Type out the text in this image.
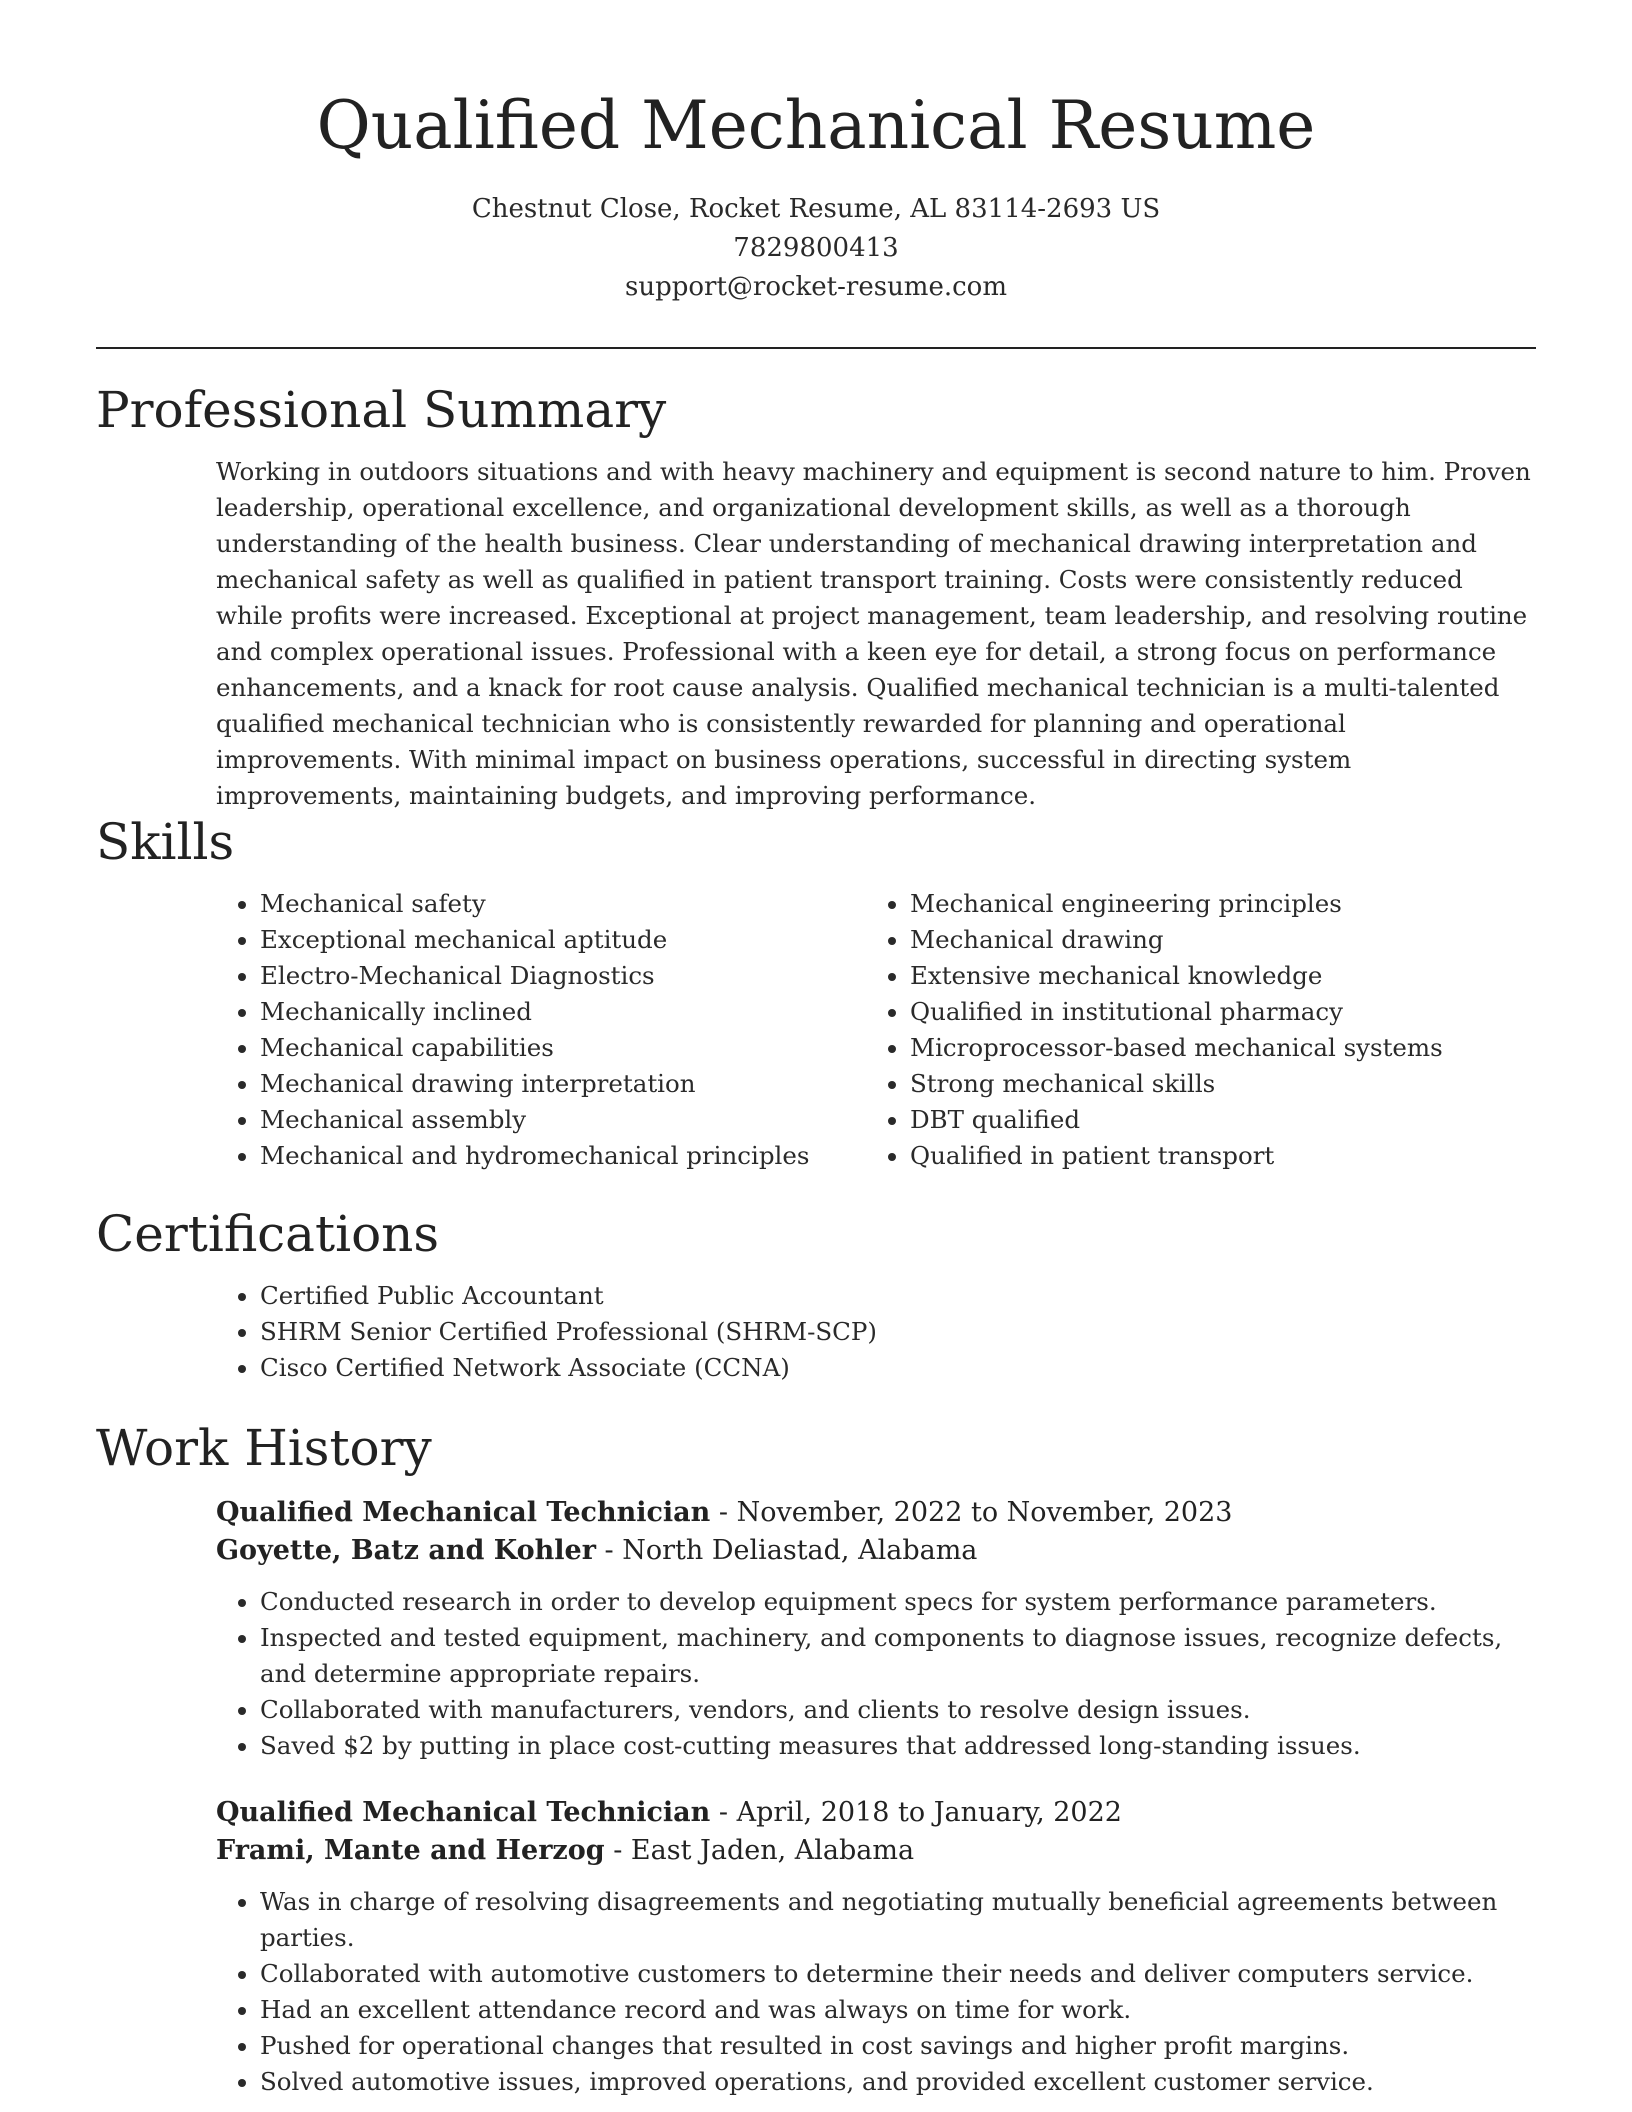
Qualified Mechanical Resume
Chestnut Close, Rocket Resume, AL 83114-2693 US
7829800413
support@rocket-resume.com
Professional Summary

Working in outdoors situations and with heavy machinery and equipment is second nature to him. Proven leadership, operational excellence, and organizational development skills, as well as a thorough understanding of the health business. Clear understanding of mechanical drawing interpretation and mechanical safety as well as qualified in patient transport training. Costs were consistently reduced while profits were increased. Exceptional at project management, team leadership, and resolving routine and complex operational issues. Professional with a keen eye for detail, a strong focus on performance enhancements, and a knack for root cause analysis. Qualified mechanical technician is a multi-talented qualified mechanical technician who is consistently rewarded for planning and operational improvements. With minimal impact on business operations, successful in directing system improvements, maintaining budgets, and improving performance.

Skills
• Mechanical safety
• Exceptional mechanical aptitude
• Electro-Mechanical Diagnostics
• Mechanically inclined
• Mechanical capabilities
• Mechanical drawing interpretation
• Mechanical assembly
• Mechanical and hydromechanical principles
• Mechanical engineering principles
• Mechanical drawing
• Extensive mechanical knowledge
• Qualified in institutional pharmacy
• Microprocessor-based mechanical systems
• Strong mechanical skills
• DBT qualified
• Qualified in patient transport
Certifications
• Certified Public Accountant
• SHRM Senior Certified Professional (SHRM-SCP)
• Cisco Certified Network Associate (CCNA)
Work History
Qualified Mechanical Technician - November, 2022 to November, 2023
Goyette, Batz and Kohler - North Deliastad, Alabama
• Conducted research in order to develop equipment specs for system performance parameters.
• Inspected and tested equipment, machinery, and components to diagnose issues, recognize defects, and determine appropriate repairs.
• Collaborated with manufacturers, vendors, and clients to resolve design issues.
• Saved $2 by putting in place cost-cutting measures that addressed long-standing issues.
Qualified Mechanical Technician - April, 2018 to January, 2022
Frami, Mante and Herzog - East Jaden, Alabama
• Was in charge of resolving disagreements and negotiating mutually beneficial agreements between parties.
• Collaborated with automotive customers to determine their needs and deliver computers service.
• Had an excellent attendance record and was always on time for work.
• Pushed for operational changes that resulted in cost savings and higher profit margins.
• Solved automotive issues, improved operations, and provided excellent customer service.
